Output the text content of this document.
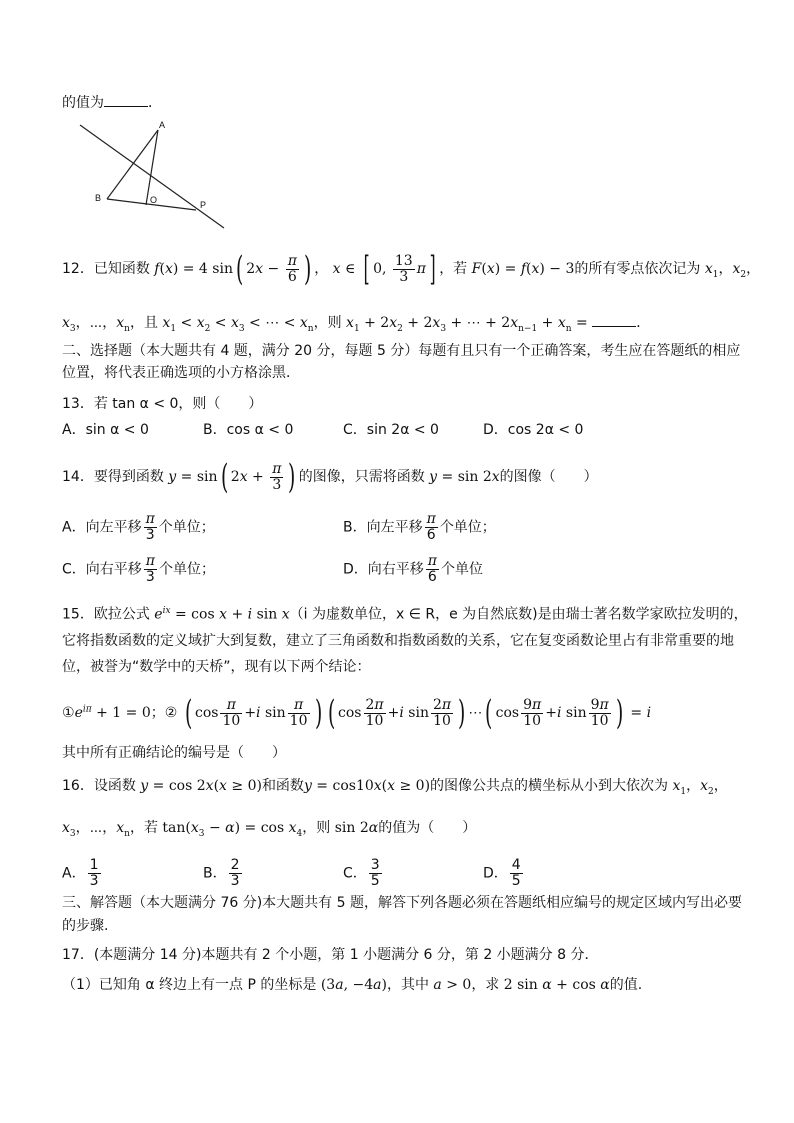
的值为	．
A
B	O	P
12．已知函数 f(x) = 4 sin( $2x - \frac{\pi}{6}$ ) ， x ∈ [ 0, $\frac{13}{3}$ π ] ，若 F(x) = f(x) − 3的所有零点依次记为 $x_1$，$x_2$，
$x_3$，⋯，$x_n$，且 $x_1 < x_2 < x_3$ < ⋯ < $x_n$，则 $x_1 + 2x_2 + 2x_3$ + ⋯ + $2x_{n-1} + x_n$ =	．
二、选择题（本大题共有 4 题，满分 20 分，每题 5 分）每题有且只有一个正确答案，考生应在答题纸的相应
位置，将代表正确选项的小方格涂黑．
13．若 tan α < 0，则（　　）
A．sin α < 0	B．cos α < 0	C．sin 2α < 0	D．cos 2α < 0
14．要得到函数 y = sin( $2x + \frac{\pi}{3}$ ) 的图像，只需将函数 y = sin 2x的图像（　　）
A．向左平移 $\frac{\pi}{3}$ 个单位；	B．向左平移 $\frac{\pi}{6}$ 个单位；
C．向右平移 $\frac{\pi}{3}$ 个单位；	D．向右平移 $\frac{\pi}{6}$ 个单位
15．欧拉公式 $e^{ix} = \cos x + i$ sin x（i 为虚数单位，x ∈ R，e 为自然底数)是由瑞士著名数学家欧拉发明的，
它将指数函数的定义域扩大到复数，建立了三角函数和指数函数的关系，它在复变函数论里占有非常重要的地
位，被誉为“数学中的天桥”，现有以下两个结论：
$①e^{i\pi} + 1 = 0$；② ( $\cos \frac{\pi}{10} +i$ $\sin \frac{\pi}{10}$ ) ( $\cos \frac{2\pi}{10} +i$ $\sin \frac{2\pi}{10}$ ) ⋯( $\cos \frac{9\pi}{10} +i$ $\sin \frac{9\pi}{10}$ ) = i
其中所有正确结论的编号是（　　）
16．设函数 y = cos 2x(x ≥ 0)和函数y = cos10x(x ≥ 0)的图像公共点的横坐标从小到大依次为 $x_1$，$x_2$，
$x_3$，⋯，$x_n$，若 $\tan(x_3 - \alpha) = \cos x_4$，则 sin 2α的值为（　　）
A． $\frac{1}{3}$	B． $\frac{2}{3}$	C． $\frac{3}{5}$	D． $\frac{4}{5}$
三、解答题（本大题满分 76 分)本大题共有 5 题，解答下列各题必须在答题纸相应编号的规定区域内写出必要
的步骤.
17．(本题满分 14 分)本题共有 2 个小题，第 1 小题满分 6 分，第 2 小题满分 8 分．
（1）已知角 α 终边上有一点 P 的坐标是 (3a, −4a)，其中 a > 0，求 2 sin α + cos α的值.
